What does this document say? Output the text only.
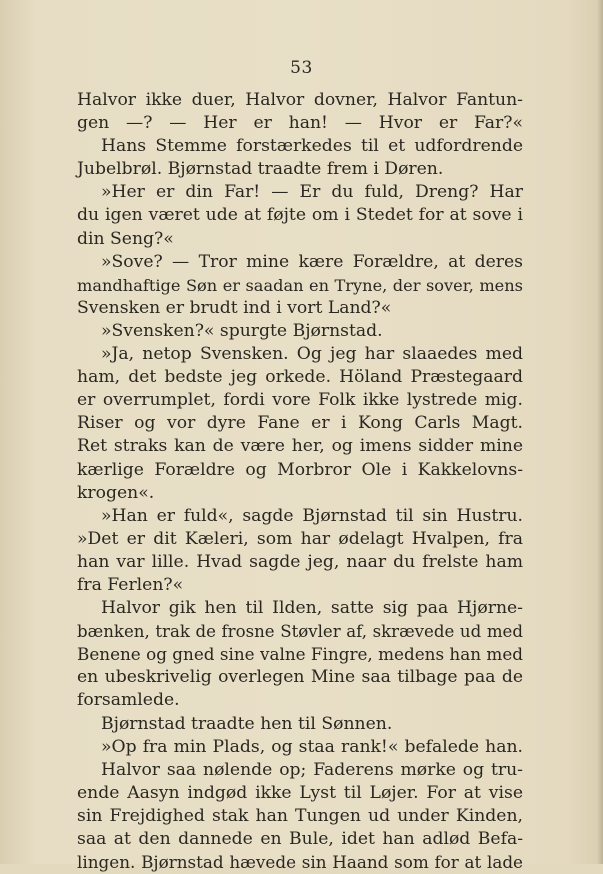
53
Halvor ikke duer, Halvor dovner, Halvor Fantun-
gen —? — Her er han! — Hvor er Far?«
Hans Stemme forstærkedes til et udfordrende
Jubelbrøl. Bjørnstad traadte frem i Døren.
»Her er din Far! — Er du fuld, Dreng? Har
du igen været ude at føjte om i Stedet for at sove i
din Seng?«
»Sove? — Tror mine kære Forældre, at deres
mandhaftige Søn er saadan en Tryne, der sover, mens
Svensken er brudt ind i vort Land?«
»Svensken?« spurgte Bjørnstad.
»Ja, netop Svensken. Og jeg har slaaedes med
ham, det bedste jeg orkede. Höland Præstegaard
er overrumplet, fordi vore Folk ikke lystrede mig.
Riser og vor dyre Fane er i Kong Carls Magt.
Ret straks kan de være her, og imens sidder mine
kærlige Forældre og Morbror Ole i Kakkelovns-
krogen«.
»Han er fuld«, sagde Bjørnstad til sin Hustru.
»Det er dit Kæleri, som har ødelagt Hvalpen, fra
han var lille. Hvad sagde jeg, naar du frelste ham
fra Ferlen?«
Halvor gik hen til Ilden, satte sig paa Hjørne-
bænken, trak de frosne Støvler af, skrævede ud med
Benene og gned sine valne Fingre, medens han med
en ubeskrivelig overlegen Mine saa tilbage paa de
forsamlede.
Bjørnstad traadte hen til Sønnen.
»Op fra min Plads, og staa rank!« befalede han.
Halvor saa nølende op; Faderens mørke og tru-
ende Aasyn indgød ikke Lyst til Løjer. For at vise
sin Frejdighed stak han Tungen ud under Kinden,
saa at den dannede en Bule, idet han adlød Befa-
lingen. Bjørnstad hævede sin Haand som for at lade
